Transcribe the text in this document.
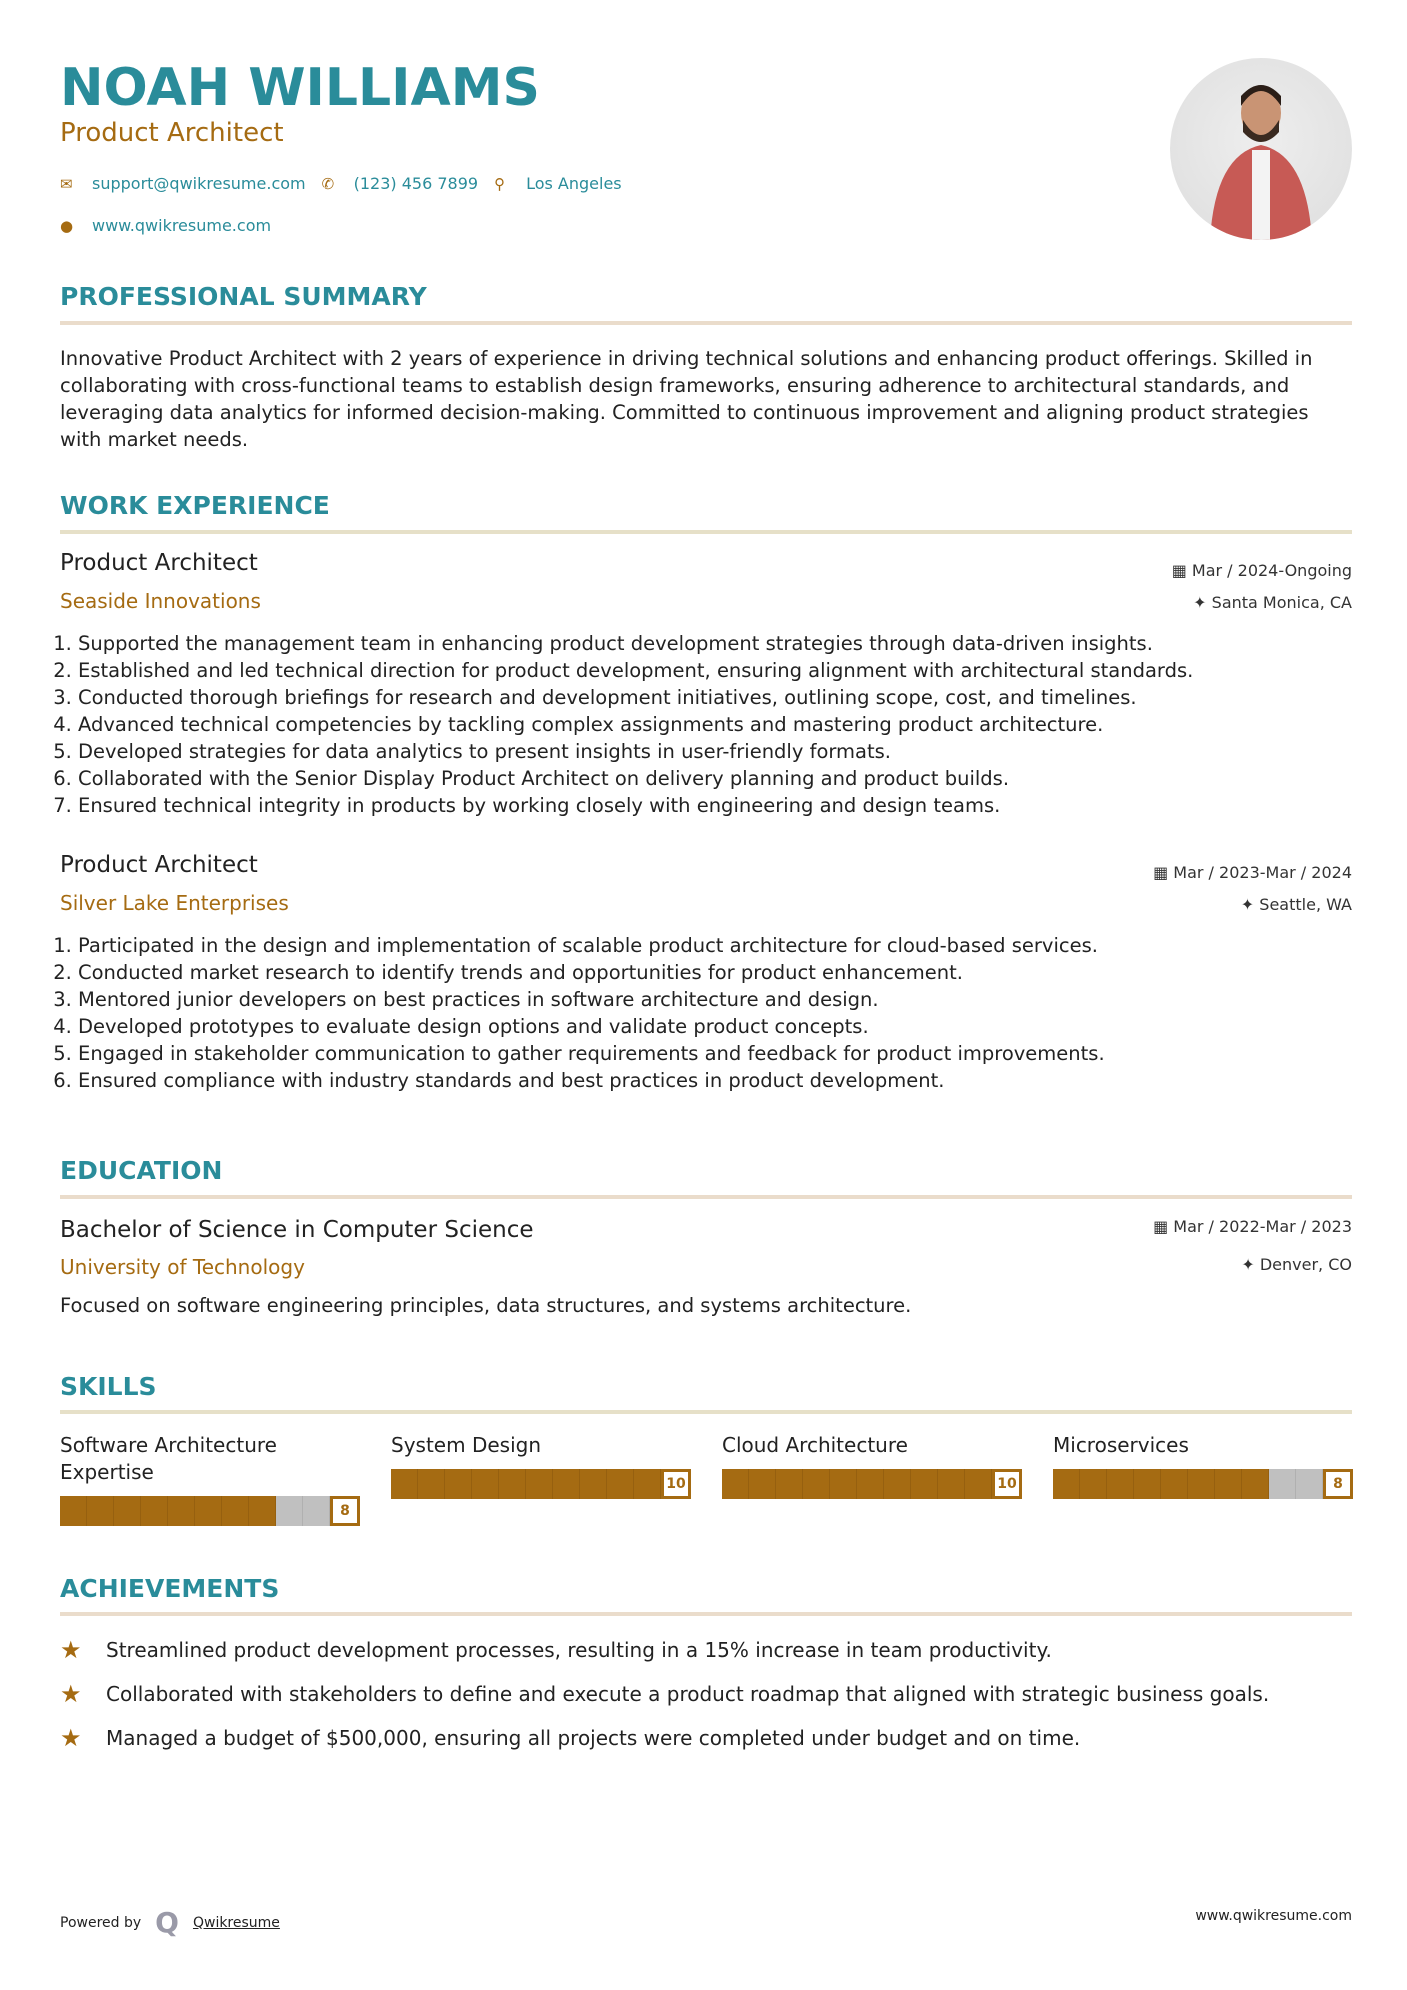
NOAH WILLIAMS
Product Architect
✉	support@qwikresume.com ✆	(123) 456 7899 ⚲	Los Angeles
●	www.qwikresume.com
PROFESSIONAL SUMMARY
Innovative Product Architect with 2 years of experience in driving technical solutions and enhancing product offerings. Skilled in collaborating with cross-functional teams to establish design frameworks, ensuring adherence to architectural standards, and leveraging data analytics for informed decision-making. Committed to continuous improvement and aligning product strategies with market needs.
WORK EXPERIENCE
Product Architect	▦ Mar / 2024-Ongoing
Seaside Innovations	✦ Santa Monica, CA
1. Supported the management team in enhancing product development strategies through data-driven insights.
2. Established and led technical direction for product development, ensuring alignment with architectural standards.
3. Conducted thorough briefings for research and development initiatives, outlining scope, cost, and timelines.
4. Advanced technical competencies by tackling complex assignments and mastering product architecture.
5. Developed strategies for data analytics to present insights in user-friendly formats.
6. Collaborated with the Senior Display Product Architect on delivery planning and product builds.
7. Ensured technical integrity in products by working closely with engineering and design teams.
Product Architect	▦ Mar / 2023-Mar / 2024
Silver Lake Enterprises	✦ Seattle, WA
1. Participated in the design and implementation of scalable product architecture for cloud-based services.
2. Conducted market research to identify trends and opportunities for product enhancement.
3. Mentored junior developers on best practices in software architecture and design.
4. Developed prototypes to evaluate design options and validate product concepts.
5. Engaged in stakeholder communication to gather requirements and feedback for product improvements.
6. Ensured compliance with industry standards and best practices in product development.
EDUCATION
Bachelor of Science in Computer Science	▦ Mar / 2022-Mar / 2023
University of Technology	✦ Denver, CO
Focused on software engineering principles, data structures, and systems architecture.
SKILLS
Software Architecture Expertise
8
System Design
10
Cloud Architecture
10
Microservices
8
ACHIEVEMENTS
★	Streamlined product development processes, resulting in a 15% increase in team productivity.
★	Collaborated with stakeholders to define and execute a product roadmap that aligned with strategic business goals.
★	Managed a budget of $500,000, ensuring all projects were completed under budget and on time.
Powered by Q Qwikresume	www.qwikresume.com
